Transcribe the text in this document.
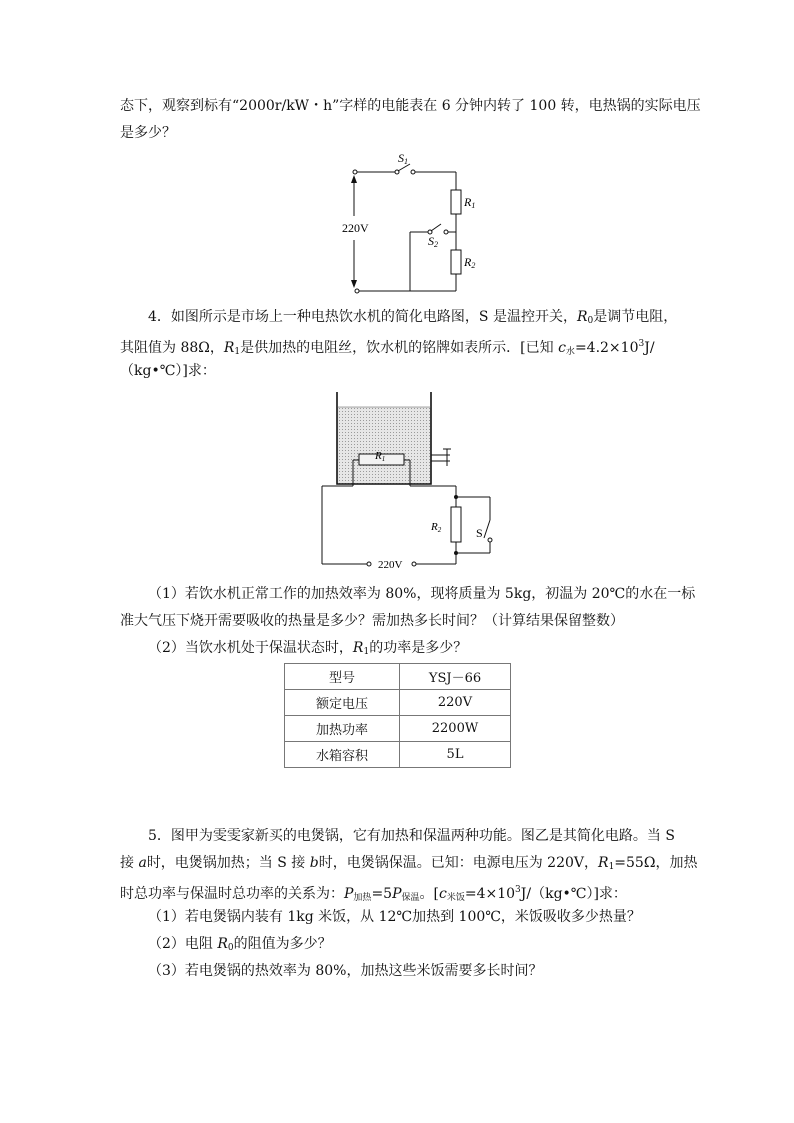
态下，观察到标有“2000r/kW・h”字样的电能表在 6 分钟内转了 100 转，电热锅的实际电压
是多少？
220V
S1
S2
R1
R2
4．如图所示是市场上一种电热饮水机的简化电路图，S 是温控开关，$R_0$是调节电阻，
其阻值为 88Ω，$R_1$是供加热的电阻丝，饮水机的铭牌如表所示．[已知 $c_水=4.2\times 10^3J/$
（kg•℃）]求：
R1
R2	S
220V
（1）若饮水机正常工作的加热效率为 80%，现将质量为 5kg，初温为 20℃的水在一标
准大气压下烧开需要吸收的热量是多少？需加热多长时间？（计算结果保留整数）
（2）当饮水机处于保温状态时，$R_1$的功率是多少？
型号	YSJ－66
额定电压	220V
加热功率	2200W
水箱容积	5L
5．图甲为雯雯家新买的电煲锅，它有加热和保温两种功能。图乙是其简化电路。当 S
接 a时，电煲锅加热；当 S 接 b时，电煲锅保温。已知：电源电压为 220V，$R_1=55\Omega$，加热
时总功率与保温时总功率的关系为：$P_{加热}=5P_{保温}$。$[c_{米饭}=4\times 10^3J/(kg•℃)]$求：
（1）若电煲锅内装有 1kg 米饭，从 12℃加热到 100℃，米饭吸收多少热量？
（2）电阻 $R_0$的阻值为多少？
（3）若电煲锅的热效率为 80%，加热这些米饭需要多长时间？
